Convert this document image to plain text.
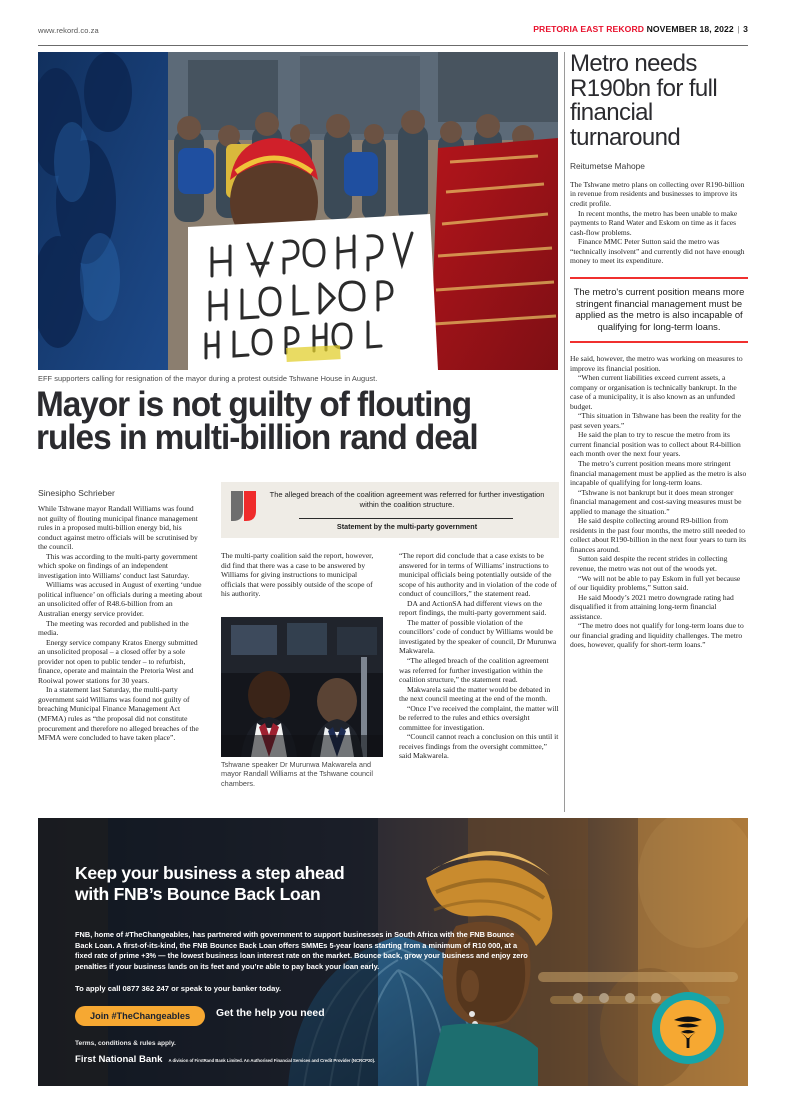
www.rekord.co.za	PRETORIA EAST REKORD NOVEMBER 18, 2022 | 3
EFF supporters calling for resignation of the mayor during a protest outside Tshwane House in August.
Mayor is not guilty of flouting
rules in multi-billion rand deal
Sinesipho Schrieber

While Tshwane mayor Randall Williams was found not guilty of flouting municipal finance management rules in a proposed multi-billion energy bid, his conduct against metro officials will be scrutinised by the council.

This was according to the multi-party government which spoke on findings of an independent investigation into Williams' conduct last Saturday.

Williams was accused in August of exerting ‘undue political influence’ on officials during a meeting about an unsolicited offer of R48.6-billion from an Australian energy service provider.

The meeting was recorded and published in the media.

Energy service company Kratos Energy submitted an unsolicited proposal – a closed offer by a sole provider not open to public tender – to refurbish, finance, operate and maintain the Pretoria West and Rooiwal power stations for 30 years.

In a statement last Saturday, the multi-party government said Williams was found not guilty of breaching Municipal Finance Management Act (MFMA) rules as “the proposal did not constitute procurement and therefore no alleged breaches of the MFMA were concluded to have taken place”.

The alleged breach of the coalition agreement was referred for further investigation within the coalition structure.
Statement by the multi-party government

The multi-party coalition said the report, however, did find that there was a case to be answered by Williams for giving instructions to municipal officials that were possibly outside of the scope of his authority.

Tshwane speaker Dr Murunwa Makwarela and mayor Randall Williams at the Tshwane council chambers.

“The report did conclude that a case exists to be answered for in terms of Williams’ instructions to municipal officials being potentially outside of the scope of his authority and in violation of the code of conduct of councillors,” the statement read.

DA and ActionSA had different views on the report findings, the multi-party government said.

The matter of possible violation of the councillors’ code of conduct by Williams would be investigated by the speaker of council, Dr Murunwa Makwarela.

“The alleged breach of the coalition agreement was referred for further investigation within the coalition structure,” the statement read.

Makwarela said the matter would be debated in the next council meeting at the end of the month.

“Once I’ve received the complaint, the matter will be referred to the rules and ethics oversight committee for investigation.

“Council cannot reach a conclusion on this until it receives findings from the oversight committee,” said Makwarela.

Metro needs R190bn for full financial turnaround
Reitumetse Mahope

The Tshwane metro plans on collecting over R190-billion in revenue from residents and businesses to improve its credit profile.

In recent months, the metro has been unable to make payments to Rand Water and Eskom on time as it faces cash-flow problems.

Finance MMC Peter Sutton said the metro was “technically insolvent” and currently did not have enough money to meet its expenditure.

The metro's current position means more stringent financial management must be applied as the metro is also incapable of qualifying for long-term loans.

He said, however, the metro was working on measures to improve its financial position.

“When current liabilities exceed current assets, a company or organisation is technically bankrupt. In the case of a municipality, it is also known as an unfunded budget.

“This situation in Tshwane has been the reality for the past seven years.”

He said the plan to try to rescue the metro from its current financial position was to collect about R4-billion each month over the next four years.

The metro’s current position means more stringent financial management must be applied as the metro is also incapable of qualifying for long-term loans.

“Tshwane is not bankrupt but it does mean stronger financial management and cost-saving measures must be applied to manage the situation.”

He said despite collecting around R9-billion from residents in the past four months, the metro still needed to collect about R190-billion in the next four years to turn its finances around.

Sutton said despite the recent strides in collecting revenue, the metro was not out of the woods yet.

“We will not be able to pay Eskom in full yet because of our liquidity problems,” Sutton said.

He said Moody’s 2021 metro downgrade rating had disqualified it from attaining long-term financial assistance.

“The metro does not qualify for long-term loans due to our financial grading and liquidity challenges. The metro does, however, qualify for short-term loans.”

Keep your business a step ahead
with FNB’s Bounce Back Loan
FNB, home of #TheChangeables, has partnered with government to support businesses in South Africa with the FNB Bounce Back Loan. A first-of-its-kind, the FNB Bounce Back Loan offers SMMEs 5-year loans starting from a minimum of R10 000, at a fixed rate of prime +3% — the lowest business loan interest rate on the market. Bounce back, grow your business and enjoy zero penalties if your business lands on its feet and you’re able to pay back your loan early.
To apply call 0877 362 247 or speak to your banker today.
Join #TheChangeables	Get the help you need
Terms, conditions & rules apply.
First National Bank A division of FirstRand Bank Limited. An Authorised Financial Services and Credit Provider (NCRCP20).
